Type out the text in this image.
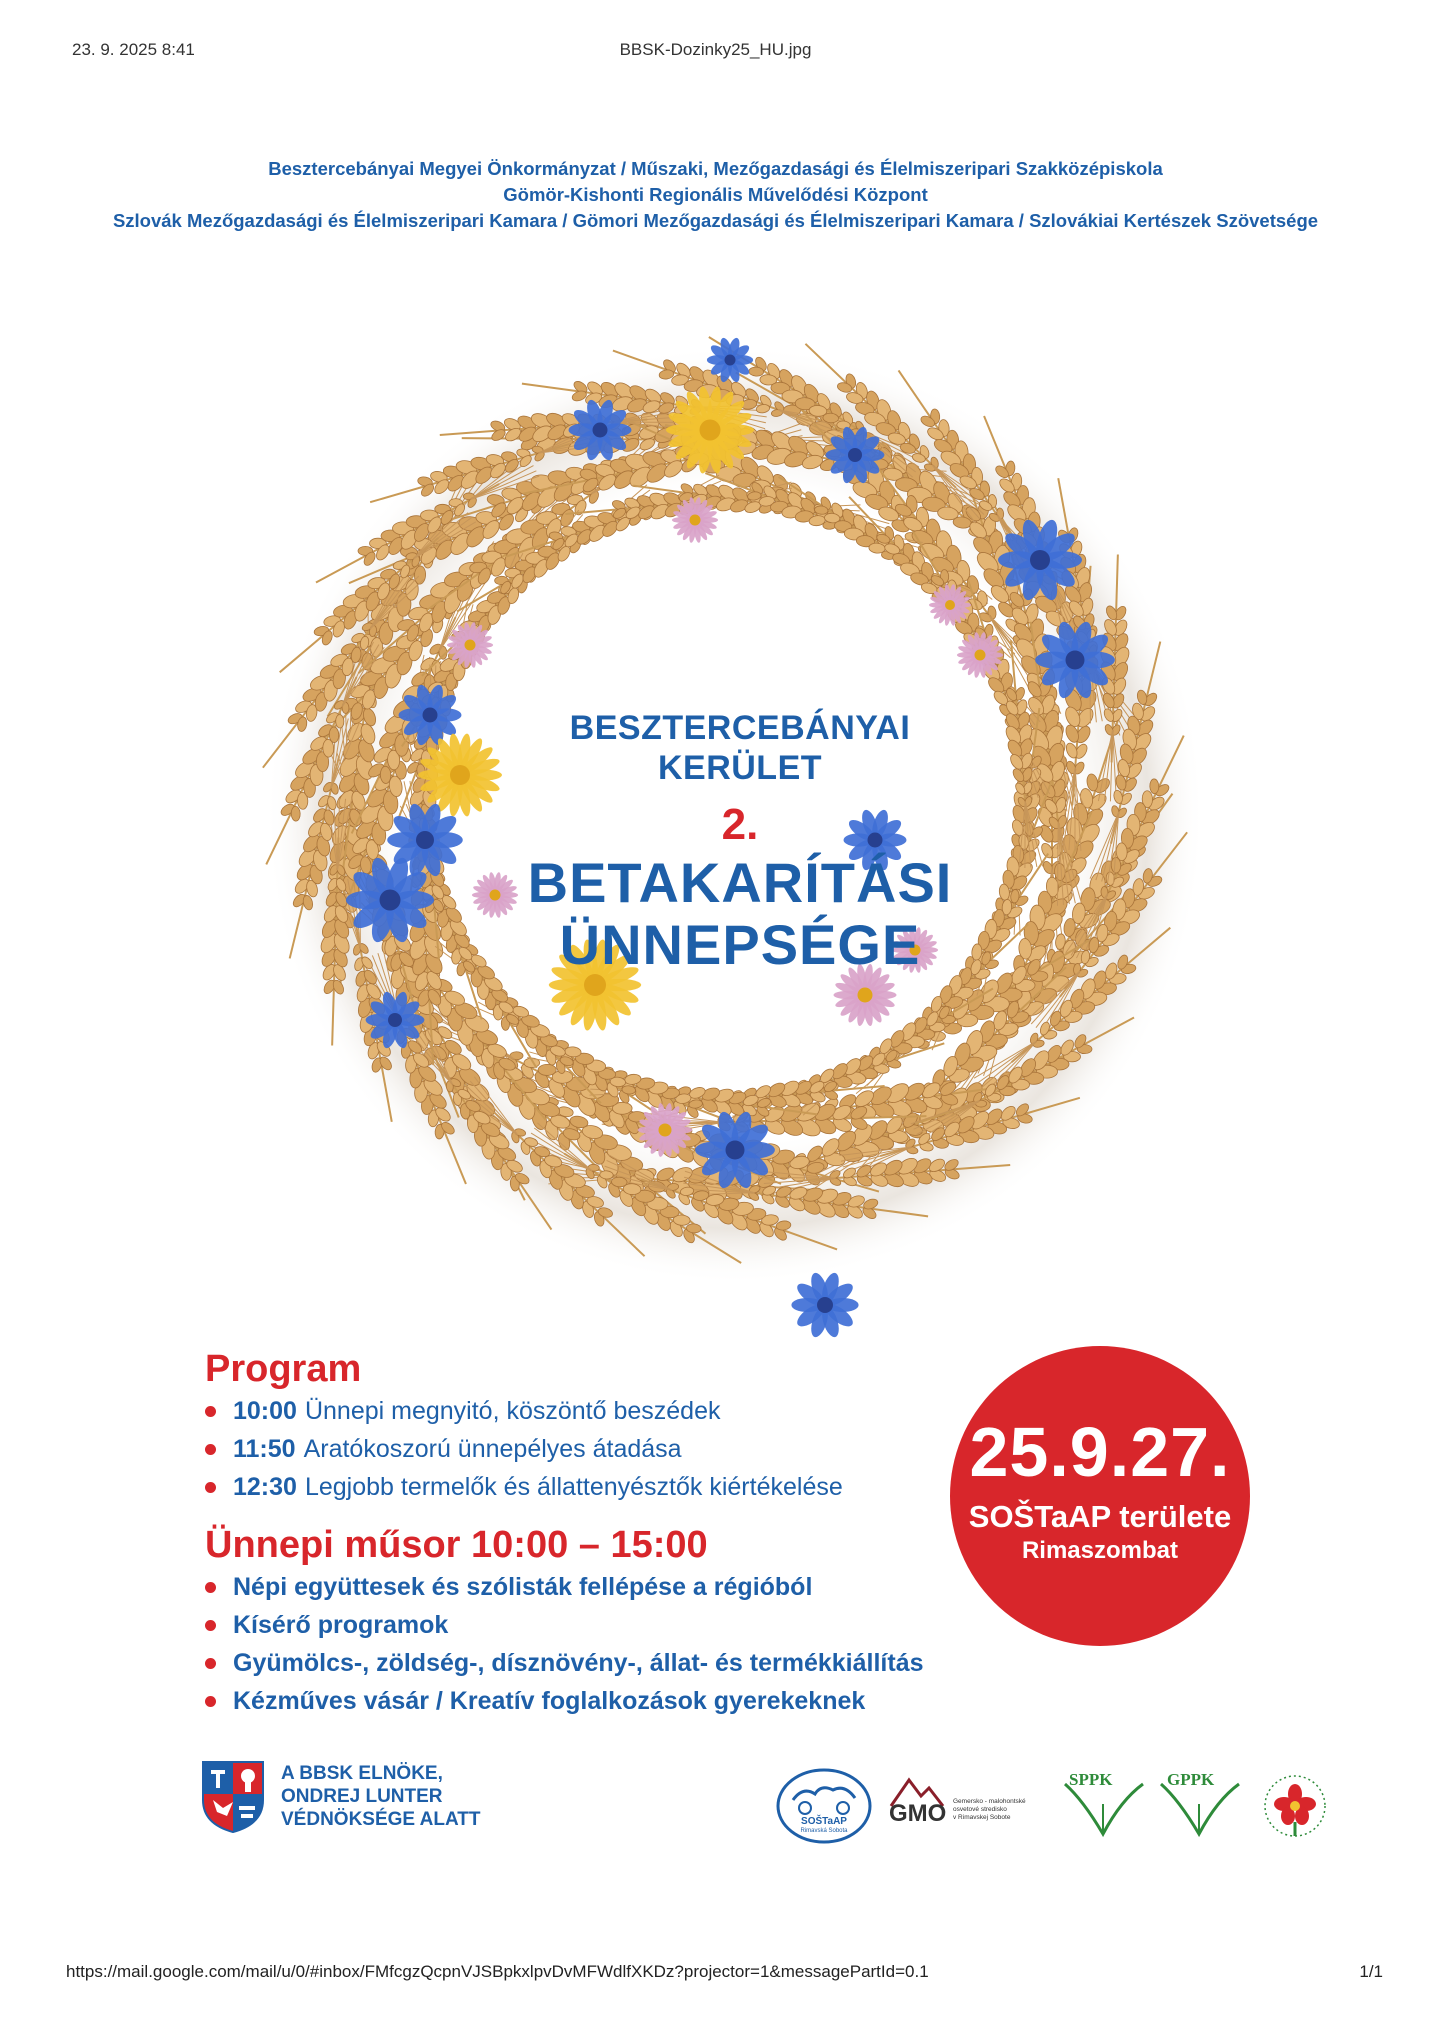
23. 9. 2025 8:41	BBSK-Dozinky25_HU.jpg
Besztercebányai Megyei Önkormányzat / Műszaki, Mezőgazdasági és Élelmiszeripari Szakközépiskola
Gömör-Kishonti Regionális Művelődési Központ
Szlovák Mezőgazdasági és Élelmiszeripari Kamara / Gömori Mezőgazdasági és Élelmiszeripari Kamara / Szlovákiai Kertészek Szövetsége
BESZTERCEBÁNYAI
KERÜLET
2.
BETAKARÍTÁSI
ÜNNEPSÉGE
Program
10:00 Ünnepi megnyitó, köszöntő beszédek
11:50 Aratókoszorú ünnepélyes átadása
12:30 Legjobb termelők és állattenyésztők kiértékelése
Ünnepi műsor 10:00 – 15:00
Népi együttesek és szólisták fellépése a régióból
Kísérő programok
Gyümölcs-, zöldség-, dísznövény-, állat- és termékkiállítás
Kézműves vásár / Kreatív foglalkozások gyerekeknek
25.9.27.
SOŠTaAP területe
Rimaszombat
A BBSK ELNÖKE,
ONDREJ LUNTER
VÉDNÖKSÉGE ALATT	SOŠTaAP
Rimavská Sobota
GMO Gemersko - malohontské
osvetové stredisko
v Rimavskej Sobote
SPPK	GPPK
Slovenský zväz záhradkárov
https://mail.google.com/mail/u/0/#inbox/FMfcgzQcpnVJSBpkxlpvDvMFWdlfXKDz?projector=1&messagePartId=0.1	1/1
